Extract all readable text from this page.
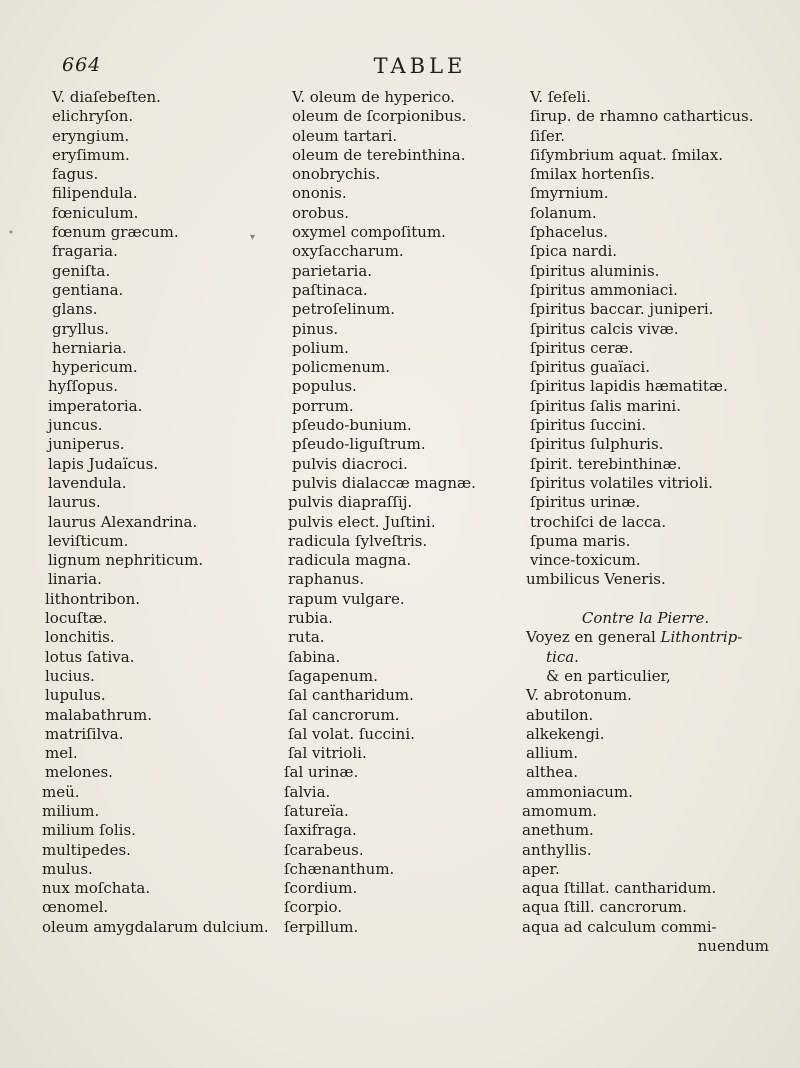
664	TABLE
V. diaſebeſten.
elichryſon.
eryngium.
eryſimum.
fagus.
filipendula.
fœniculum.
fœnum græcum.
fragaria.
geniſta.
gentiana.
glans.
gryllus.
herniaria.
hypericum.
hyſſopus.
imperatoria.
juncus.
juniperus.
lapis Judaïcus.
lavendula.
laurus.
laurus Alexandrina.
leviſticum.
lignum nephriticum.
linaria.
lithontribon.
locuſtæ.
lonchitis.
lotus ſativa.
lucius.
lupulus.
malabathrum.
matriſilva.
mel.
melones.
meü.
milium.
milium ſolis.
multipedes.
mulus.
nux moſchata.
œnomel.
oleum amygdalarum dulcium.
V. oleum de hyperico.
oleum de ſcorpionibus.
oleum tartari.
oleum de terebinthina.
onobrychis.
ononis.
orobus.
oxymel compoſitum.
oxyſaccharum.
parietaria.
paſtinaca.
petroſelinum.
pinus.
polium.
policmenum.
populus.
porrum.
pſeudo-bunium.
pſeudo-liguſtrum.
pulvis diacroci.
pulvis dialaccæ magnæ.
pulvis diapraſſij.
pulvis elect. Juſtini.
radicula ſylveſtris.
radicula magna.
raphanus.
rapum vulgare.
rubia.
ruta.
ſabina.
ſagapenum.
ſal cantharidum.
ſal cancrorum.
ſal volat. ſuccini.
ſal vitrioli.
ſal urinæ.
ſalvia.
ſatureïa.
ſaxifraga.
ſcarabeus.
ſchænanthum.
ſcordium.
ſcorpio.
ſerpillum.
V. ſeſeli.
ſirup. de rhamno catharticus.
ſiſer.
ſiſymbrium aquat. ſmilax.
ſmilax hortenſis.
ſmyrnium.
ſolanum.
ſphacelus.
ſpica nardi.
ſpiritus aluminis.
ſpiritus ammoniaci.
ſpiritus baccar. juniperi.
ſpiritus calcis vivæ.
ſpiritus ceræ.
ſpiritus guaïaci.
ſpiritus lapidis hæmatitæ.
ſpiritus ſalis marini.
ſpiritus ſuccini.
ſpiritus ſulphuris.
ſpirit. terebinthinæ.
ſpiritus volatiles vitrioli.
ſpiritus urinæ.
trochiſci de lacca.
ſpuma maris.
vince-toxicum.
umbilicus Veneris.
Contre la Pierre.
Voyez en general Lithontrip-
tica.
& en particulier,
V. abrotonum.
abutilon.
alkekengi.
allium.
althea.
ammoniacum.
amomum.
anethum.
anthyllis.
aper.
aqua ſtillat. cantharidum.
aqua ſtill. cancrorum.
aqua ad calculum commi-
nuendum
•	▾
